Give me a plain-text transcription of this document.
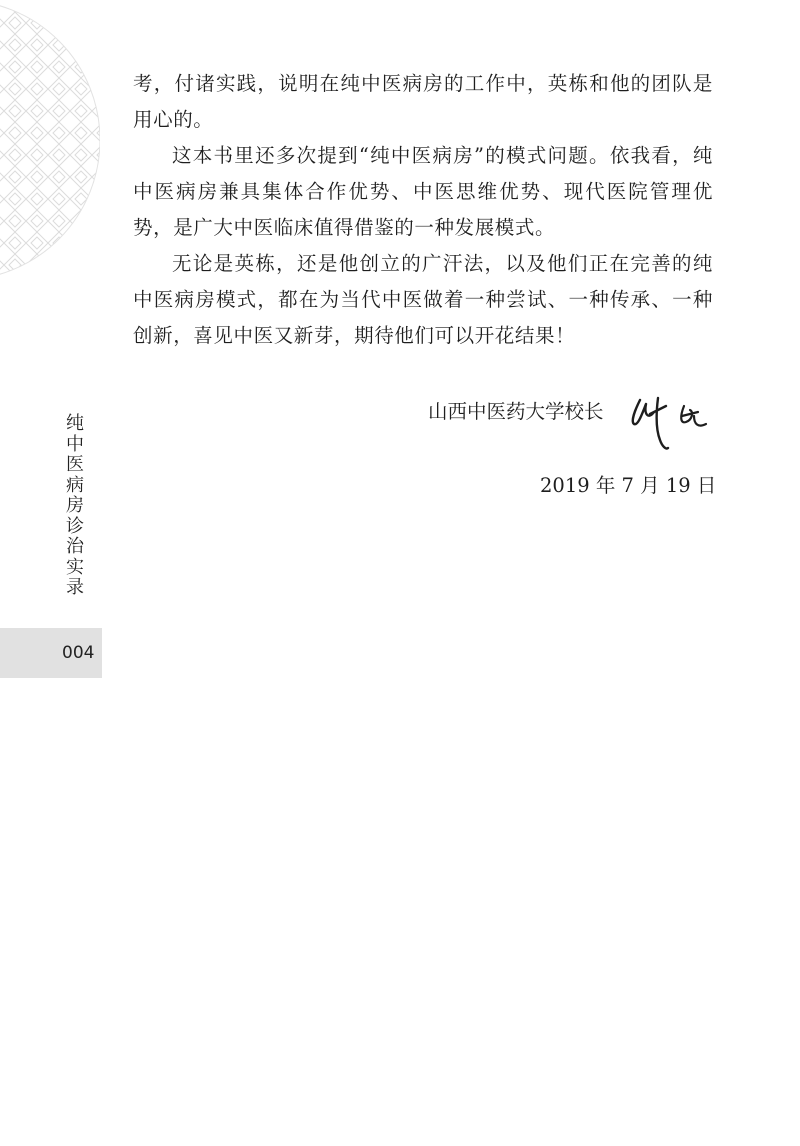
考，付诸实践，说明在纯中医病房的工作中，英栋和他的团队是用心的。

这本书里还多次提到“纯中医病房”的模式问题。依我看，纯中医病房兼具集体合作优势、中医思维优势、现代医院管理优势，是广大中医临床值得借鉴的一种发展模式。

无论是英栋，还是他创立的广汗法，以及他们正在完善的纯中医病房模式，都在为当代中医做着一种尝试、一种传承、一种创新，喜见中医又新芽，期待他们可以开花结果！

山西中医药大学校长
2019 年 7 月 19 日
纯中医病房诊治实录
004
